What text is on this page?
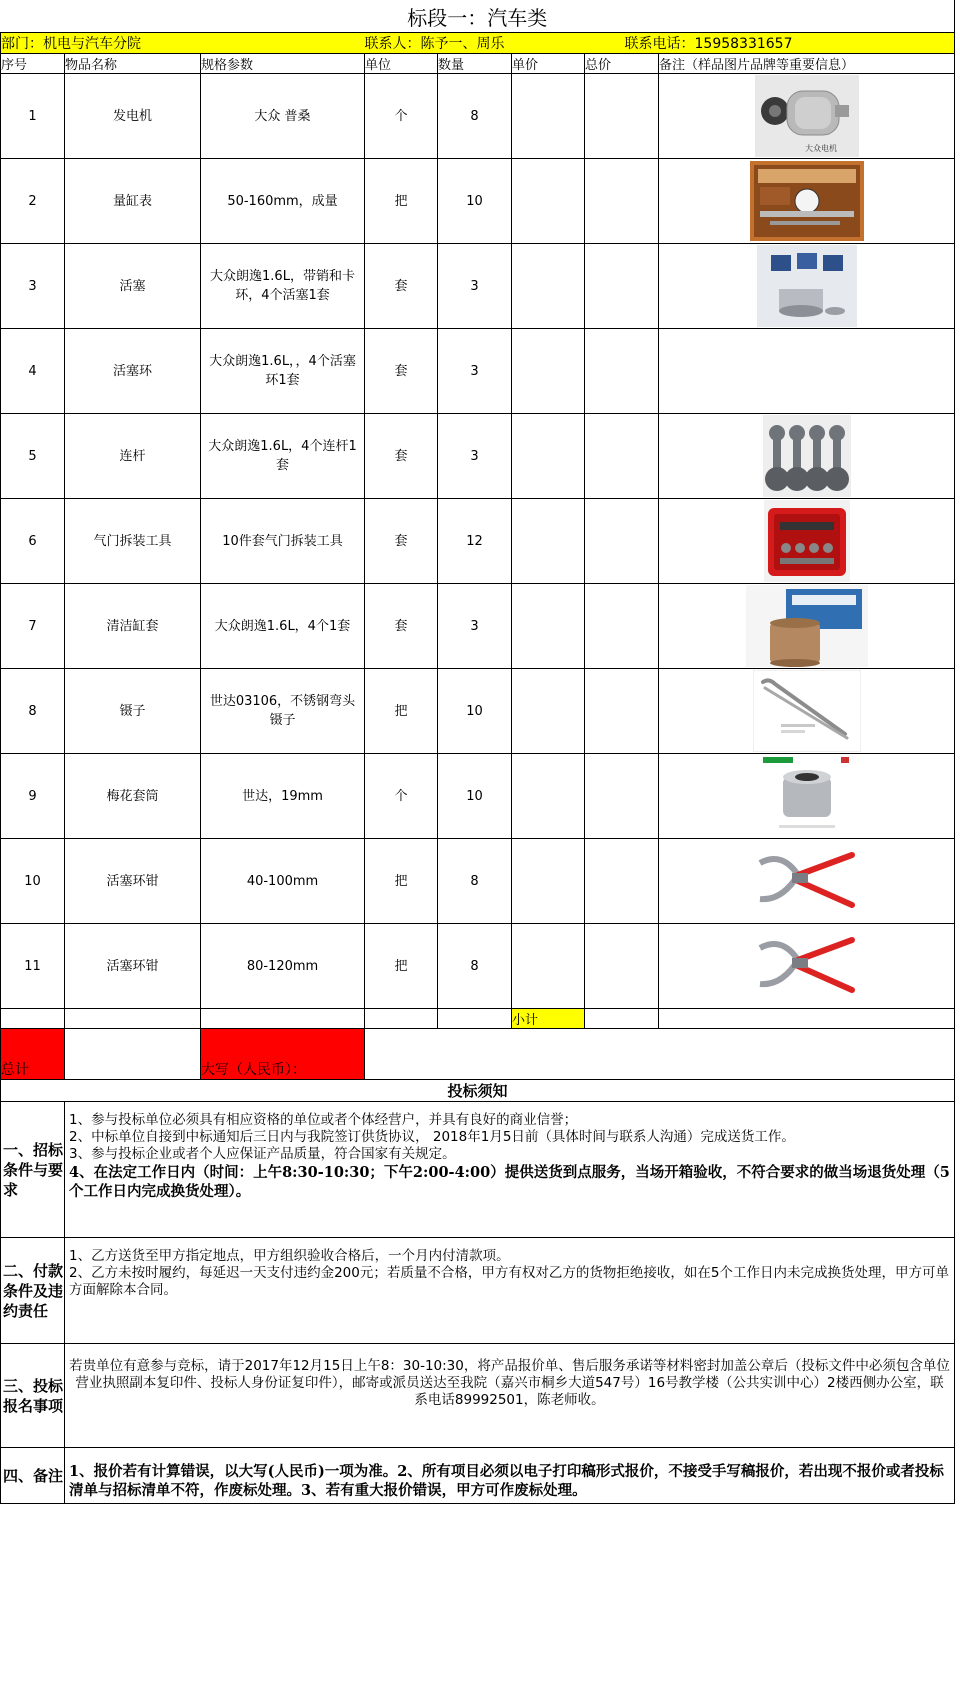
标段一：汽车类							
部门：机电与汽车分院			联系人：陈予一、周乐			联系电话：15958331657	
序号	物品名称	规格参数	单位	数量	单价	总价	备注（样品图片品牌等重要信息）
1	发电机	大众 普桑	个	8			大众电机

2	量缸表	50-160mm，成量	把	10			

3	活塞	大众朗逸1.6L，带销和卡环，4个活塞1套	套	3			

4	活塞环	大众朗逸1.6L，，4个活塞环1套	套	3			
5	连杆	大众朗逸1.6L，4个连杆1套	套	3			

6	气门拆装工具	10件套气门拆装工具	套	12			

7	清洁缸套	大众朗逸1.6L，4个1套	套	3			

8	镊子	世达03106，不锈钢弯头镊子	把	10			

9	梅花套筒	世达，19mm	个	10			

10	活塞环钳	40-100mm	把	8			

11	活塞环钳	80-120mm	把	8			

					小计		
总计		大写（人民币）：					
投标须知							
一、招标条件与要求	1、参与投标单位必须具有相应资格的单位或者个体经营户，并具有良好的商业信誉；
2、中标单位自接到中标通知后三日内与我院签订供货协议， 2018年1月5日前（具体时间与联系人沟通）完成送货工作。
3、参与投标企业或者个人应保证产品质量，符合国家有关规定。
4、在法定工作日内（时间：上午8:30-10:30；下午2:00-4:00）提供送货到点服务，当场开箱验收，不符合要求的做当场退货处理（5个工作日内完成换货处理）。						

二、付款条件及违约责任	1、乙方送货至甲方指定地点，甲方组织验收合格后，一个月内付清款项。
2、乙方未按时履约，每延迟一天支付违约金200元；若质量不合格，甲方有权对乙方的货物拒绝接收，如在5个工作日内未完成换货处理，甲方可单方面解除本合同。						

三、投标报名事项	若贵单位有意参与竞标，请于2017年12月15日上午8：30-10:30，将产品报价单、售后服务承诺等材料密封加盖公章后（投标文件中必须包含单位营业执照副本复印件、投标人身份证复印件），邮寄或派员送达至我院（嘉兴市桐乡大道547号）16号教学楼（公共实训中心）2楼西侧办公室，联系电话89992501，陈老师收。						

四、备注	1、报价若有计算错误，以大写(人民币)一项为准。2、所有项目必须以电子打印稿形式报价，不接受手写稿报价，若出现不报价或者投标清单与招标清单不符，作废标处理。3、若有重大报价错误，甲方可作废标处理。						
